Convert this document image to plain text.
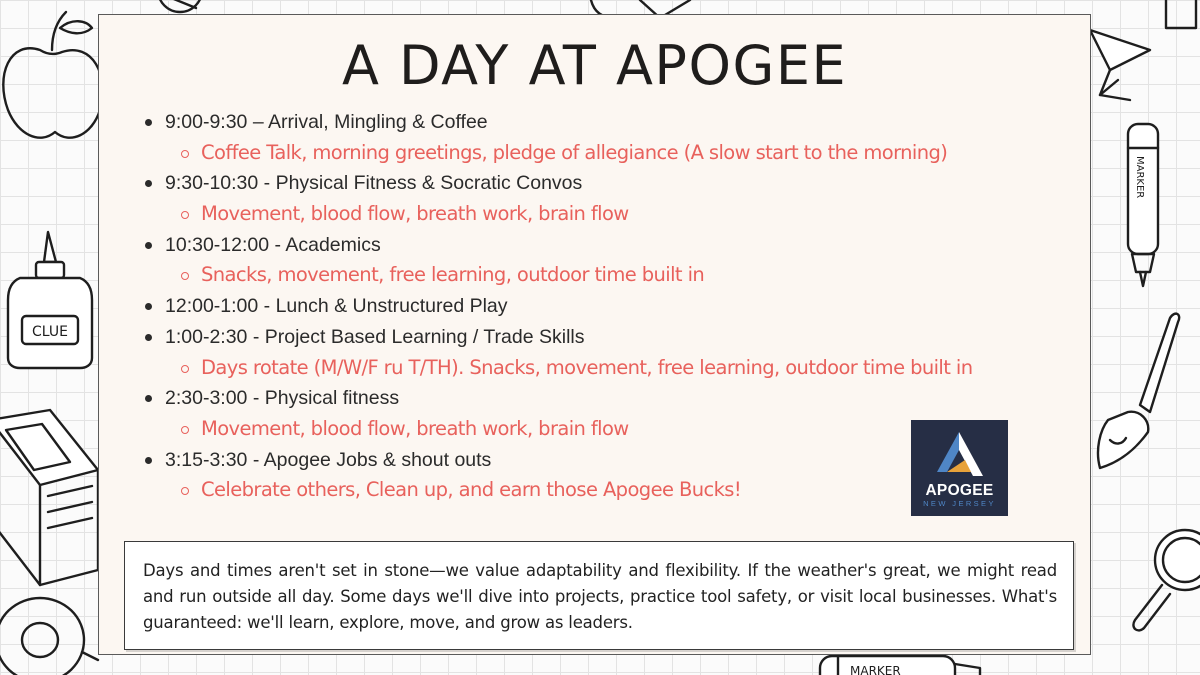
CLUE
MARKER
MARKER
A DAY AT APOGEE
9:00-9:30 – Arrival, Mingling & Coffee
Coffee Talk, morning greetings, pledge of allegiance (A slow start to the morning)
9:30-10:30 - Physical Fitness & Socratic Convos
Movement, blood flow, breath work, brain flow
10:30-12:00 - Academics
Snacks, movement, free learning, outdoor time built in
12:00-1:00 - Lunch & Unstructured Play
1:00-2:30 - Project Based Learning / Trade Skills
Days rotate (M/W/F ru T/TH). Snacks, movement, free learning, outdoor time built in
2:30-3:00 - Physical fitness
Movement, blood flow, breath work, brain flow
3:15-3:30 - Apogee Jobs & shout outs
Celebrate others, Clean up, and earn those Apogee Bucks!	APOGEE
NEW JERSEY
Days and times aren't set in stone—we value adaptability and flexibility. If the weather's great, we might read and run outside all day. Some days we'll dive into projects, practice tool safety, or visit local businesses. What's guaranteed: we'll learn, explore, move, and grow as leaders.
